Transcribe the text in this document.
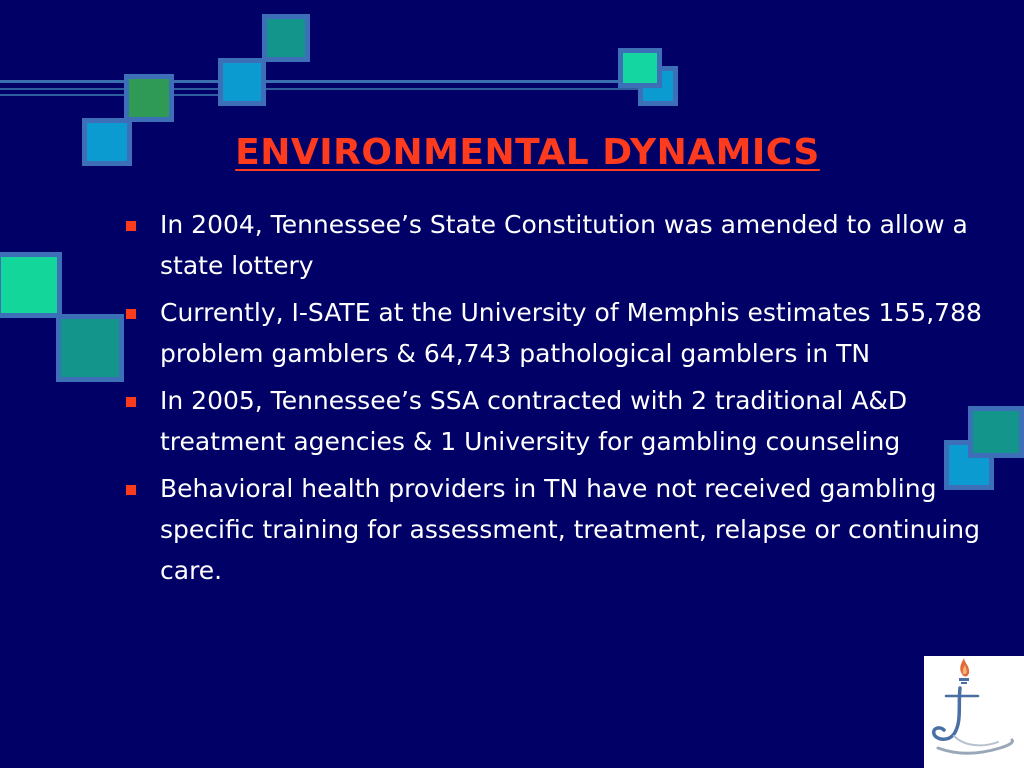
ENVIRONMENTAL DYNAMICS
In 2004, Tennessee’s State Constitution was amended to allow a state lottery
Currently, I-SATE at the University of Memphis estimates 155,788 problem gamblers & 64,743 pathological gamblers in TN
In 2005, Tennessee’s SSA contracted with 2 traditional A&D treatment agencies & 1 University for gambling counseling
Behavioral health providers in TN have not received gambling specific training for assessment, treatment, relapse or continuing care.
